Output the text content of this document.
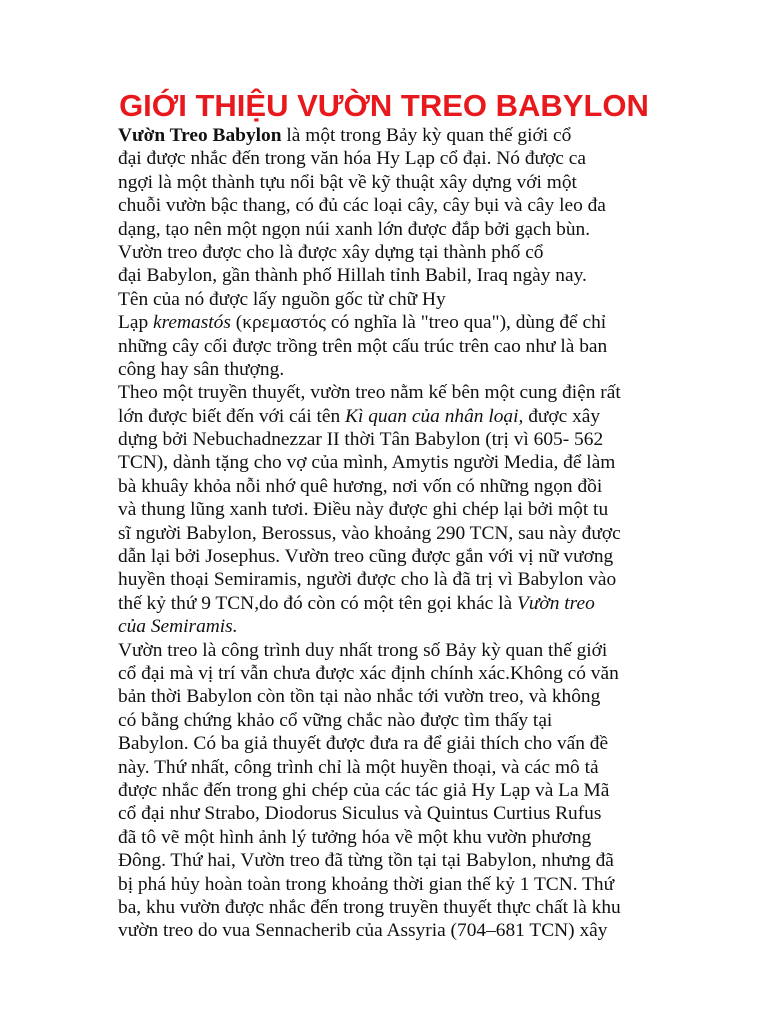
GIỚI THIỆU VƯỜN TREO BABYLON
Vườn Treo Babylon là một trong Bảy kỳ quan thế giới cổ
đại được nhắc đến trong văn hóa Hy Lạp cổ đại. Nó được ca
ngợi là một thành tựu nổi bật về kỹ thuật xây dựng với một
chuỗi vườn bậc thang, có đủ các loại cây, cây bụi và cây leo đa
dạng, tạo nên một ngọn núi xanh lớn được đắp bởi gạch bùn.
Vườn treo được cho là được xây dựng tại thành phố cổ
đại Babylon, gần thành phố Hillah tỉnh Babil, Iraq ngày nay.
Tên của nó được lấy nguồn gốc từ chữ Hy
Lạp kremastós (κρεμαστός có nghĩa là "treo qua"), dùng để chỉ
những cây cối được trồng trên một cấu trúc trên cao như là ban
công hay sân thượng.
Theo một truyền thuyết, vườn treo nằm kế bên một cung điện rất
lớn được biết đến với cái tên Kì quan của nhân loại, được xây
dựng bởi Nebuchadnezzar II thời Tân Babylon (trị vì 605- 562
TCN), dành tặng cho vợ của mình, Amytis người Media, để làm
bà khuây khỏa nỗi nhớ quê hương, nơi vốn có những ngọn đồi
và thung lũng xanh tươi. Điều này được ghi chép lại bởi một tu
sĩ người Babylon, Berossus, vào khoảng 290 TCN, sau này được
dẫn lại bởi Josephus. Vườn treo cũng được gắn với vị nữ vương
huyền thoại Semiramis, người được cho là đã trị vì Babylon vào
thế kỷ thứ 9 TCN,do đó còn có một tên gọi khác là Vườn treo
của Semiramis.
Vườn treo là công trình duy nhất trong số Bảy kỳ quan thế giới
cổ đại mà vị trí vẫn chưa được xác định chính xác.Không có văn
bản thời Babylon còn tồn tại nào nhắc tới vườn treo, và không
có bằng chứng khảo cổ vững chắc nào được tìm thấy tại
Babylon. Có ba giả thuyết được đưa ra để giải thích cho vấn đề
này. Thứ nhất, công trình chỉ là một huyền thoại, và các mô tả
được nhắc đến trong ghi chép của các tác giả Hy Lạp và La Mã
cổ đại như Strabo, Diodorus Siculus và Quintus Curtius Rufus
đã tô vẽ một hình ảnh lý tưởng hóa về một khu vườn phương
Đông. Thứ hai, Vườn treo đã từng tồn tại tại Babylon, nhưng đã
bị phá hủy hoàn toàn trong khoảng thời gian thế kỷ 1 TCN. Thứ
ba, khu vườn được nhắc đến trong truyền thuyết thực chất là khu
vườn treo do vua Sennacherib của Assyria (704–681 TCN) xây
